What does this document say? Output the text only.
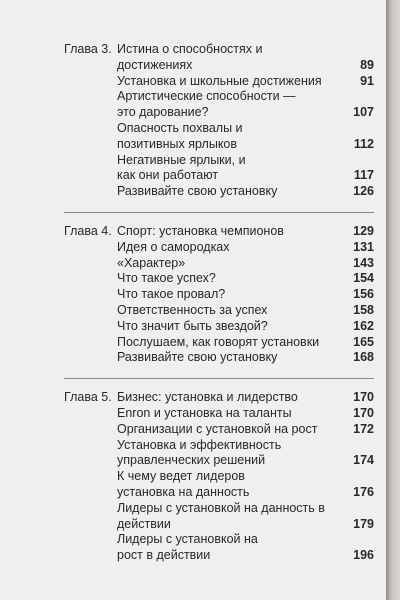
Глава 3. Истина о способностях и достижениях	89
Установка и школьные достижения	91
Артистические способности — это дарование?	107
Опасность похвалы и позитивных ярлыков	112
Негативные ярлыки, и как они работают	117
Развивайте свою установку	126
Глава 4. Спорт: установка чемпионов	129
Идея о самородках	131
«Характер»	143
Что такое успех?	154
Что такое провал?	156
Ответственность за успех	158
Что значит быть звездой?	162
Послушаем, как говорят установки	165
Развивайте свою установку	168
Глава 5. Бизнес: установка и лидерство	170
Enron и установка на таланты	170
Организации с установкой на рост	172
Установка и эффективность управленческих решений	174
К чему ведет лидеров установка на данность	176
Лидеры с установкой на данность в действии	179
Лидеры с установкой на рост в действии	196
